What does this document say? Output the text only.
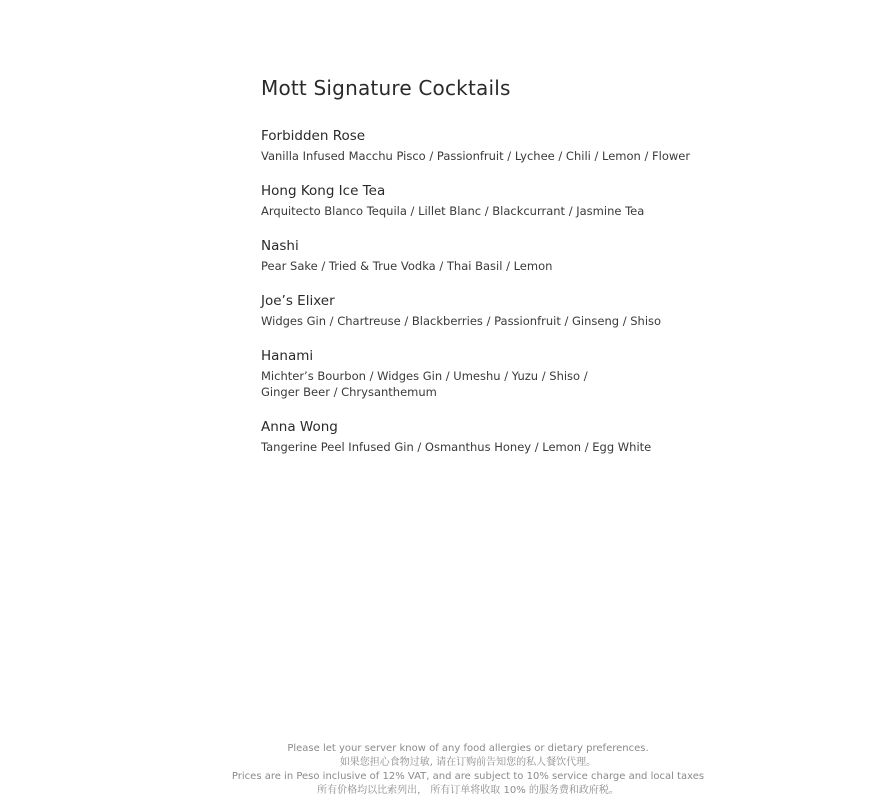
Mott Signature Cocktails
Forbidden Rose
Vanilla Infused Macchu Pisco / Passionfruit / Lychee / Chili / Lemon / Flower
Hong Kong Ice Tea
Arquitecto Blanco Tequila / Lillet Blanc / Blackcurrant / Jasmine Tea
Nashi
Pear Sake / Tried & True Vodka / Thai Basil / Lemon
Joe’s Elixer
Widges Gin / Chartreuse / Blackberries / Passionfruit / Ginseng / Shiso
Hanami
Michter’s Bourbon / Widges Gin / Umeshu / Yuzu / Shiso /
Ginger Beer / Chrysanthemum
Anna Wong
Tangerine Peel Infused Gin / Osmanthus Honey / Lemon / Egg White
Please let your server know of any food allergies or dietary preferences.
如果您担心食物过敏, 请在订购前告知您的私人餐饮代理。
Prices are in Peso inclusive of 12% VAT, and are subject to 10% service charge and local taxes
所有价格均以比索列出， 所有订单将收取 10% 的服务费和政府税。
